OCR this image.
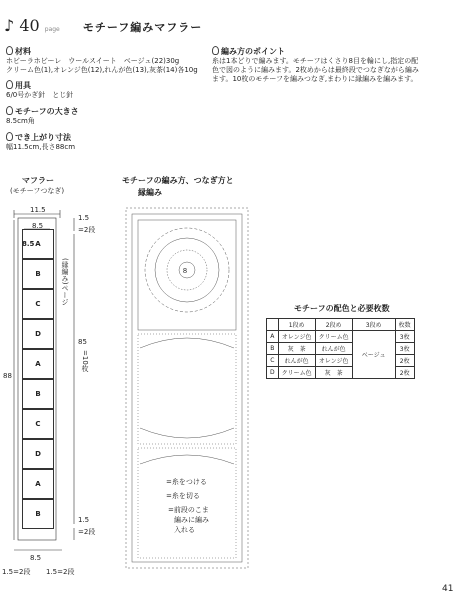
♪ 40 page モチーフ編みマフラー
材料
ホビーラホビーレ　ウールスイート　ベージュ(22)30g
クリーム色(1),オレンジ色(12),れんが色(13),灰茶(14)各10g
用具
6/0号かぎ針　とじ針
モチーフの大きさ
8.5cm角
でき上がり寸法
幅11.5cm,長さ88cm
編み方のポイント
糸は1本どりで編みます。モチーフはくさり8目を輪にし,指定の配
色で図のように編みます。2枚めからは最終段でつなぎながら編み
ます。10枚のモチーフを編みつなぎ,まわりに縁編みを編みます。
マフラー
(モチーフつなぎ)
A
B
C
D
A
B
C
D
A
B
11.5
8.5
8.5
1.5
=2段
(縁編み)ページ
85
=10枚
88
1.5
=2段
8.5
1.5=2段 1.5=2段
モチーフの編み方、つなぎ方と
縁編み
8
=糸をつける
=糸を切る
=前段のこま
編みに編み
入れる
モチーフの配色と必要枚数
	1段め	2段め	3段め	枚数
A	オレンジ色	クリーム色	ベージュ	3枚
B	灰　茶	れんが色		3枚
C	れんが色	オレンジ色		2枚
D	クリーム色	灰　茶		2枚
41
